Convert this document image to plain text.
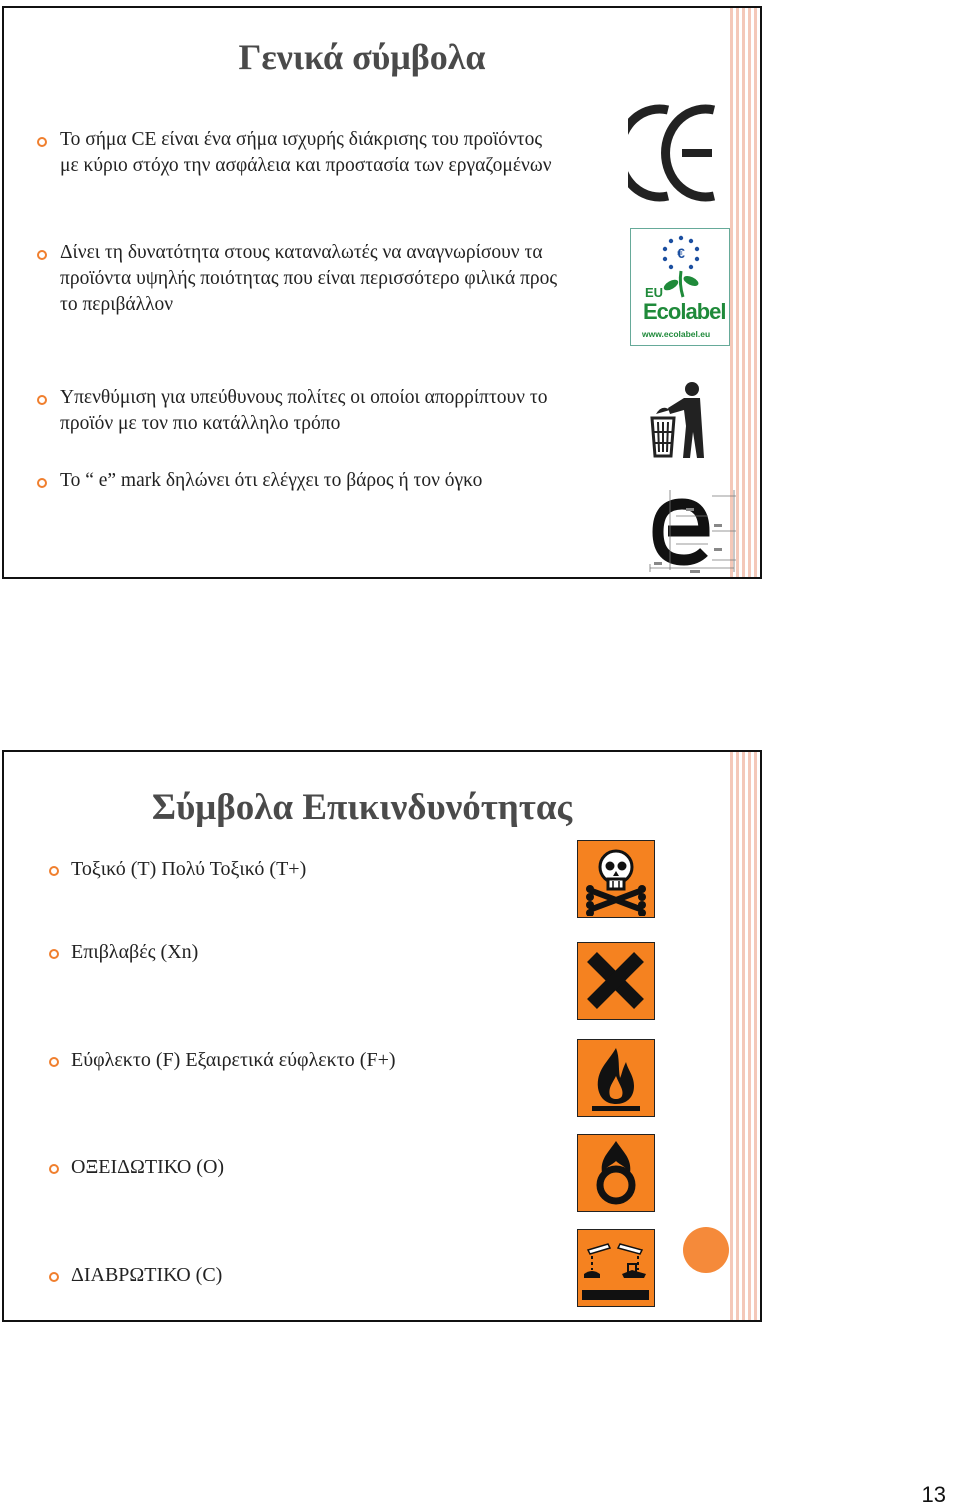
Γενικά σύμβολα
Το σήμα CE είναι ένα σήμα ισχυρής διάκρισης του προϊόντος
με κύριο στόχο την ασφάλεια και προστασία των εργαζομένων
Δίνει τη δυνατότητα στους καταναλωτές να αναγνωρίσουν τα
προϊόντα υψηλής ποιότητας που είναι περισσότερο φιλικά προς
το περιβάλλον
Υπενθύμιση για υπεύθυνους πολίτες οι οποίοι απορρίπτουν το
προϊόν με τον πιο κατάλληλο τρόπο
Το “ e” mark δηλώνει ότι ελέγχει το βάρος ή τον όγκο
€
EU
Ecolabel
www.ecolabel.eu
Σύμβολα Επικινδυνότητας
Τοξικό (T) Πολύ Τοξικό (T+)
Επιβλαβές (Xn)
Εύφλεκτο (F) Εξαιρετικά εύφλεκτο (F+)
ΟΞΕΙΔΩΤΙΚΟ (Ο)
ΔΙΑΒΡΩΤΙΚΟ (C)
13
